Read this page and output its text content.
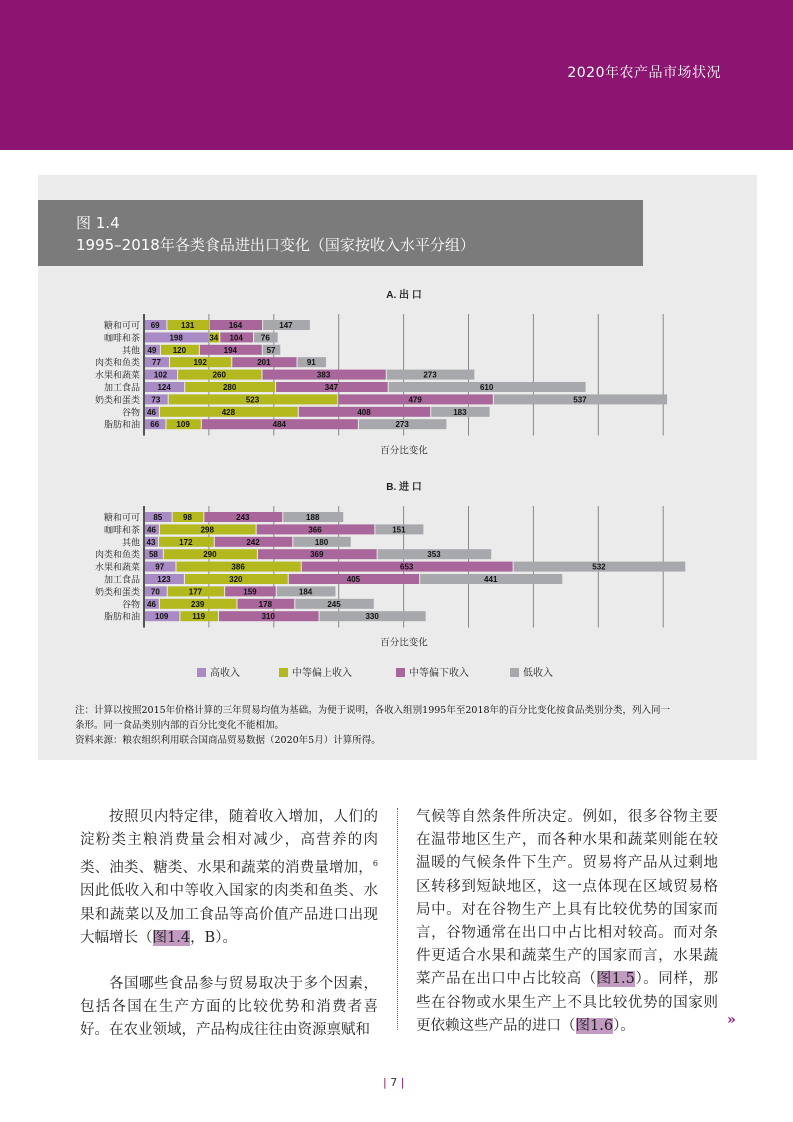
2020年农产品市场状况
图 1.4
1995–2018年各类食品进出口变化（国家按收入水平分组）
A. 出 口
糖和可可 69	131	164	147
咖啡和茶	198	34 104 76
其他 49 120	194	57
肉类和鱼类 77	192	201	91
水果和蔬菜 102	260	383	273
加工食品 124	280	347	610
奶类和蛋类 73	523	479	537
谷物 46	428	408	183
脂肪和油 66 109	484	273
百分比变化
B. 进 口
糖和可可 85	98	243	188
咖啡和茶 46	298	366	151
其他 43	172	242	180
肉类和鱼类 58	290	369	353
水果和蔬菜 97	386	653	532
加工食品 123	320	405	441
奶类和蛋类 70	177	159	184
谷物 46	239	178	245
脂肪和油 109	119	310	330
百分比变化
高收入	中等偏上收入	中等偏下收入	低收入
注：计算以按照2015年价格计算的三年贸易均值为基础。为便于说明，各收入组别1995年至2018年的百分比变化按食品类别分类，列入同一条形。同一食品类别内部的百分比变化不能相加。
资料来源：粮农组织利用联合国商品贸易数据（2020年5月）计算所得。

按照贝内特定律，随着收入增加，人们的淀粉类主粮消费量会相对减少，高营养的肉类、油类、糖类、水果和蔬菜的消费量增加，$^6$因此低收入和中等收入国家的肉类和鱼类、水果和蔬菜以及加工食品等高价值产品进口出现大幅增长（图1.4，B）。

各国哪些食品参与贸易取决于多个因素，包括各国在生产方面的比较优势和消费者喜好。在农业领域，产品构成往往由资源禀赋和

气候等自然条件所决定。例如，很多谷物主要在温带地区生产，而各种水果和蔬菜则能在较温暖的气候条件下生产。贸易将产品从过剩地区转移到短缺地区，这一点体现在区域贸易格局中。对在谷物生产上具有比较优势的国家而言，谷物通常在出口中占比相对较高。而对条件更适合水果和蔬菜生产的国家而言，水果蔬菜产品在出口中占比较高（图1.5）。同样，那些在谷物或水果生产上不具比较优势的国家则更依赖这些产品的进口（图1.6）。	»
| 7 |
